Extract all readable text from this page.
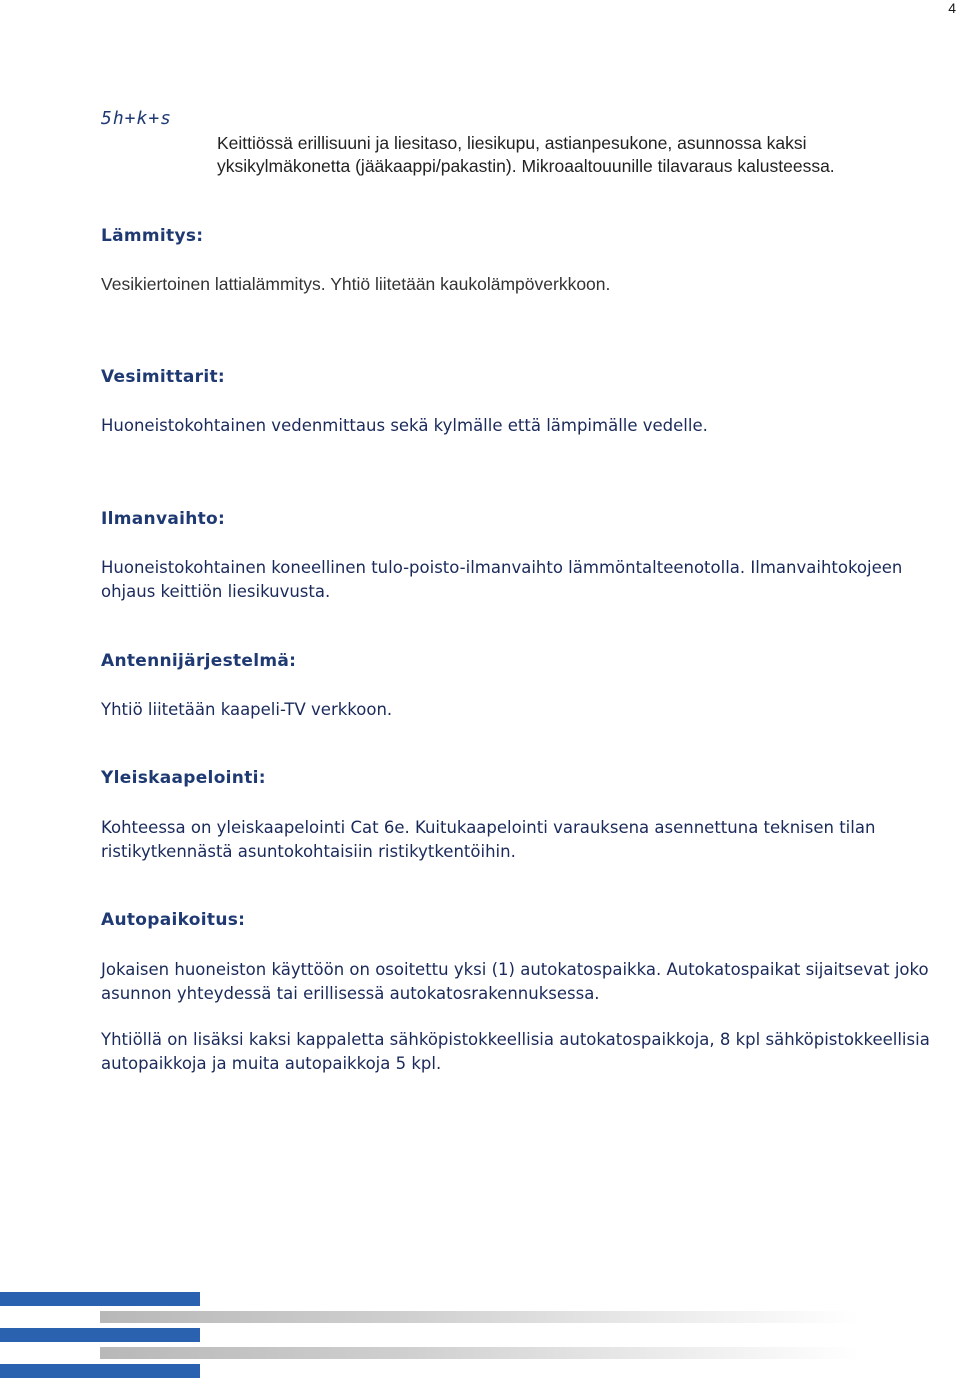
4
5h+k+s
Keittiössä erillisuuni ja liesitaso, liesikupu, astianpesukone, asunnossa kaksi yksikylmäkonetta (jääkaappi/pakastin). Mikroaaltouunille tilavaraus kalusteessa.
Lämmitys:
Vesikiertoinen lattialämmitys. Yhtiö liitetään kaukolämpöverkkoon.
Vesimittarit:
Huoneistokohtainen vedenmittaus sekä kylmälle että lämpimälle vedelle.
Ilmanvaihto:
Huoneistokohtainen koneellinen tulo-poisto-ilmanvaihto lämmöntalteenotolla. Ilmanvaihtokojeen ohjaus keittiön liesikuvusta.
Antennijärjestelmä:
Yhtiö liitetään kaapeli-TV verkkoon.
Yleiskaapelointi:
Kohteessa on yleiskaapelointi Cat 6e. Kuitukaapelointi varauksena asennettuna teknisen tilan ristikytkennästä asuntokohtaisiin ristikytkentöihin.
Autopaikoitus:
Jokaisen huoneiston käyttöön on osoitettu yksi (1) autokatospaikka. Autokatospaikat sijaitsevat joko asunnon yhteydessä tai erillisessä autokatosrakennuksessa.
Yhtiöllä on lisäksi kaksi kappaletta sähköpistokkeellisia autokatospaikkoja, 8 kpl sähköpistokkeellisia autopaikkoja ja muita autopaikkoja 5 kpl.
